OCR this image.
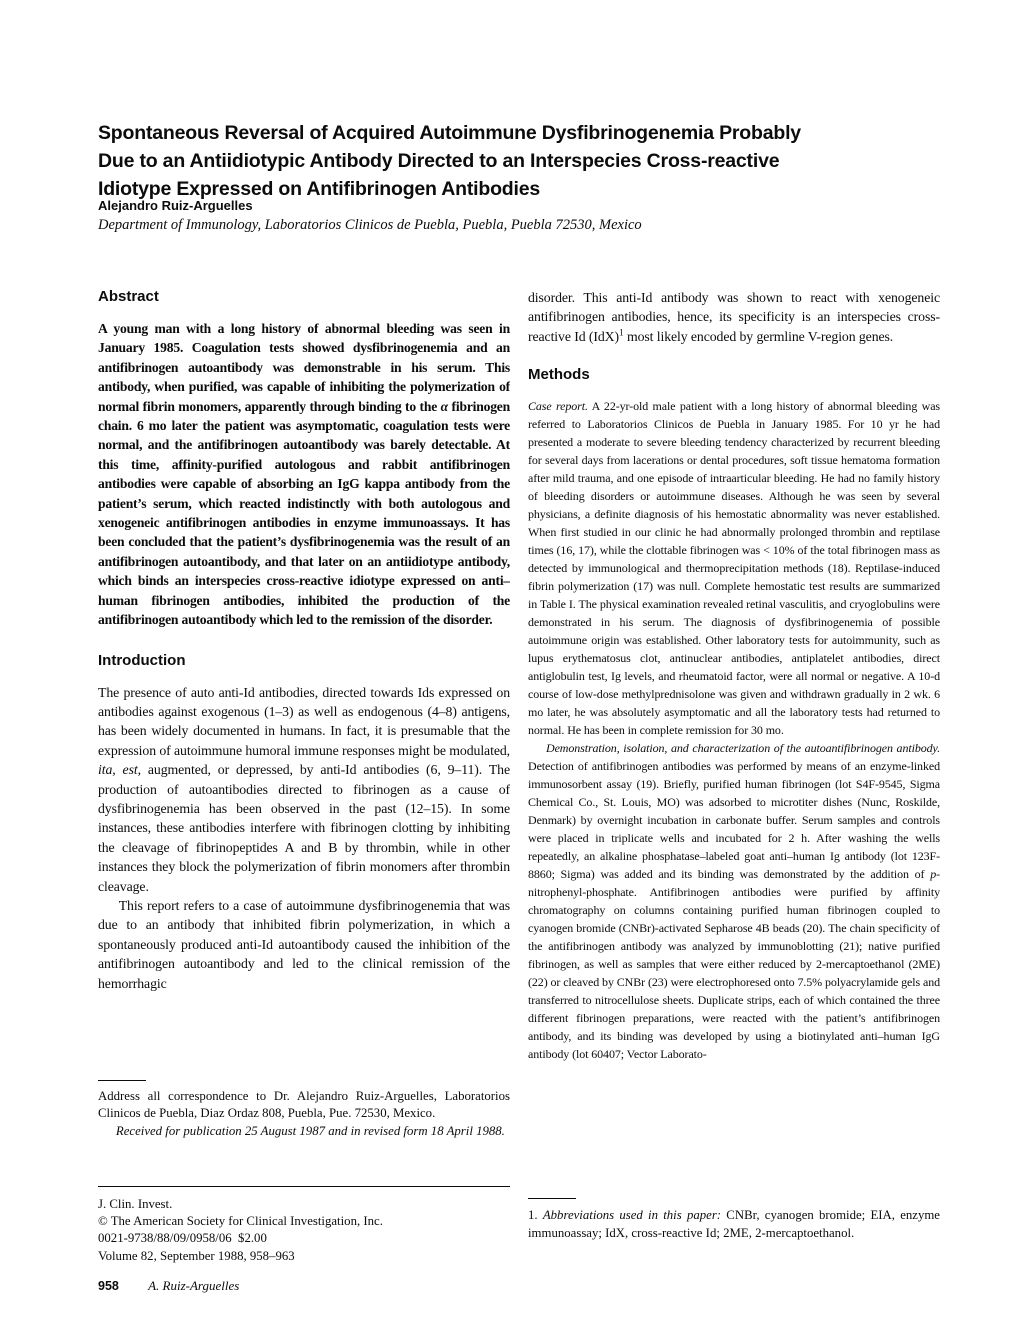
Spontaneous Reversal of Acquired Autoimmune Dysfibrinogenemia Probably
Due to an Antiidiotypic Antibody Directed to an Interspecies Cross-reactive
Idiotype Expressed on Antifibrinogen Antibodies
Alejandro Ruiz-Arguelles
Department of Immunology, Laboratorios Clinicos de Puebla, Puebla, Puebla 72530, Mexico
Abstract

A young man with a long history of abnormal bleeding was seen in January 1985. Coagulation tests showed dysfibrinogenemia and an antifibrinogen autoantibody was demonstrable in his serum. This antibody, when purified, was capable of inhibiting the polymerization of normal fibrin monomers, apparently through binding to the α fibrinogen chain. 6 mo later the patient was asymptomatic, coagulation tests were normal, and the antifibrinogen autoantibody was barely detectable. At this time, affinity-purified autologous and rabbit antifibrinogen antibodies were capable of absorbing an IgG kappa antibody from the patient’s serum, which reacted indistinctly with both autologous and xenogeneic antifibrinogen antibodies in enzyme immunoassays. It has been concluded that the patient’s dysfibrinogenemia was the result of an antifibrinogen autoantibody, and that later on an antiidiotype antibody, which binds an interspecies cross-reactive idiotype expressed on anti–human fibrinogen antibodies, inhibited the production of the antifibrinogen autoantibody which led to the remission of the disorder.

Introduction

The presence of auto anti-Id antibodies, directed towards Ids expressed on antibodies against exogenous (1–3) as well as endogenous (4–8) antigens, has been widely documented in humans. In fact, it is presumable that the expression of autoimmune humoral immune responses might be modulated, ita, est, augmented, or depressed, by anti-Id antibodies (6, 9–11). The production of autoantibodies directed to fibrinogen as a cause of dysfibrinogenemia has been observed in the past (12–15). In some instances, these antibodies interfere with fibrinogen clotting by inhibiting the cleavage of fibrinopeptides A and B by thrombin, while in other instances they block the polymerization of fibrin monomers after thrombin cleavage.

This report refers to a case of autoimmune dysfibrinogenemia that was due to an antibody that inhibited fibrin polymerization, in which a spontaneously produced anti-Id autoantibody caused the inhibition of the antifibrinogen autoantibody and led to the clinical remission of the hemorrhagic

Address all correspondence to Dr. Alejandro Ruiz-Arguelles, Laboratorios Clinicos de Puebla, Diaz Ordaz 808, Puebla, Pue. 72530, Mexico.

Received for publication 25 August 1987 and in revised form 18 April 1988.

J. Clin. Invest.
© The American Society for Clinical Investigation, Inc.
0021-9738/88/09/0958/06  $2.00
Volume 82, September 1988, 958–963
958 A. Ruiz-Arguelles

disorder. This anti-Id antibody was shown to react with xenogeneic antifibrinogen antibodies, hence, its specificity is an interspecies cross-reactive Id (IdX)$^1$ most likely encoded by germline V-region genes.

Methods

Case report. A 22-yr-old male patient with a long history of abnormal bleeding was referred to Laboratorios Clinicos de Puebla in January 1985. For 10 yr he had presented a moderate to severe bleeding tendency characterized by recurrent bleeding for several days from lacerations or dental procedures, soft tissue hematoma formation after mild trauma, and one episode of intraarticular bleeding. He had no family history of bleeding disorders or autoimmune diseases. Although he was seen by several physicians, a definite diagnosis of his hemostatic abnormality was never established. When first studied in our clinic he had abnormally prolonged thrombin and reptilase times (16, 17), while the clottable fibrinogen was < 10% of the total fibrinogen mass as detected by immunological and thermoprecipitation methods (18). Reptilase-induced fibrin polymerization (17) was null. Complete hemostatic test results are summarized in Table I. The physical examination revealed retinal vasculitis, and cryoglobulins were demonstrated in his serum. The diagnosis of dysfibrinogenemia of possible autoimmune origin was established. Other laboratory tests for autoimmunity, such as lupus erythematosus clot, antinuclear antibodies, antiplatelet antibodies, direct antiglobulin test, Ig levels, and rheumatoid factor, were all normal or negative. A 10-d course of low-dose methylprednisolone was given and withdrawn gradually in 2 wk. 6 mo later, he was absolutely asymptomatic and all the laboratory tests had returned to normal. He has been in complete remission for 30 mo.

Demonstration, isolation, and characterization of the autoantifibrinogen antibody. Detection of antifibrinogen antibodies was performed by means of an enzyme-linked immunosorbent assay (19). Briefly, purified human fibrinogen (lot S4F-9545, Sigma Chemical Co., St. Louis, MO) was adsorbed to microtiter dishes (Nunc, Roskilde, Denmark) by overnight incubation in carbonate buffer. Serum samples and controls were placed in triplicate wells and incubated for 2 h. After washing the wells repeatedly, an alkaline phosphatase–labeled goat anti–human Ig antibody (lot 123F-8860; Sigma) was added and its binding was demonstrated by the addition of p-nitrophenyl-phosphate. Antifibrinogen antibodies were purified by affinity chromatography on columns containing purified human fibrinogen coupled to cyanogen bromide (CNBr)-activated Sepharose 4B beads (20). The chain specificity of the antifibrinogen antibody was analyzed by immunoblotting (21); native purified fibrinogen, as well as samples that were either reduced by 2-mercaptoethanol (2ME) (22) or cleaved by CNBr (23) were electrophoresed onto 7.5% polyacrylamide gels and transferred to nitrocellulose sheets. Duplicate strips, each of which contained the three different fibrinogen preparations, were reacted with the patient’s antifibrinogen antibody, and its binding was developed by using a biotinylated anti–human IgG antibody (lot 60407; Vector Laborato-

1. Abbreviations used in this paper: CNBr, cyanogen bromide; EIA, enzyme immunoassay; IdX, cross-reactive Id; 2ME, 2-mercaptoethanol.
